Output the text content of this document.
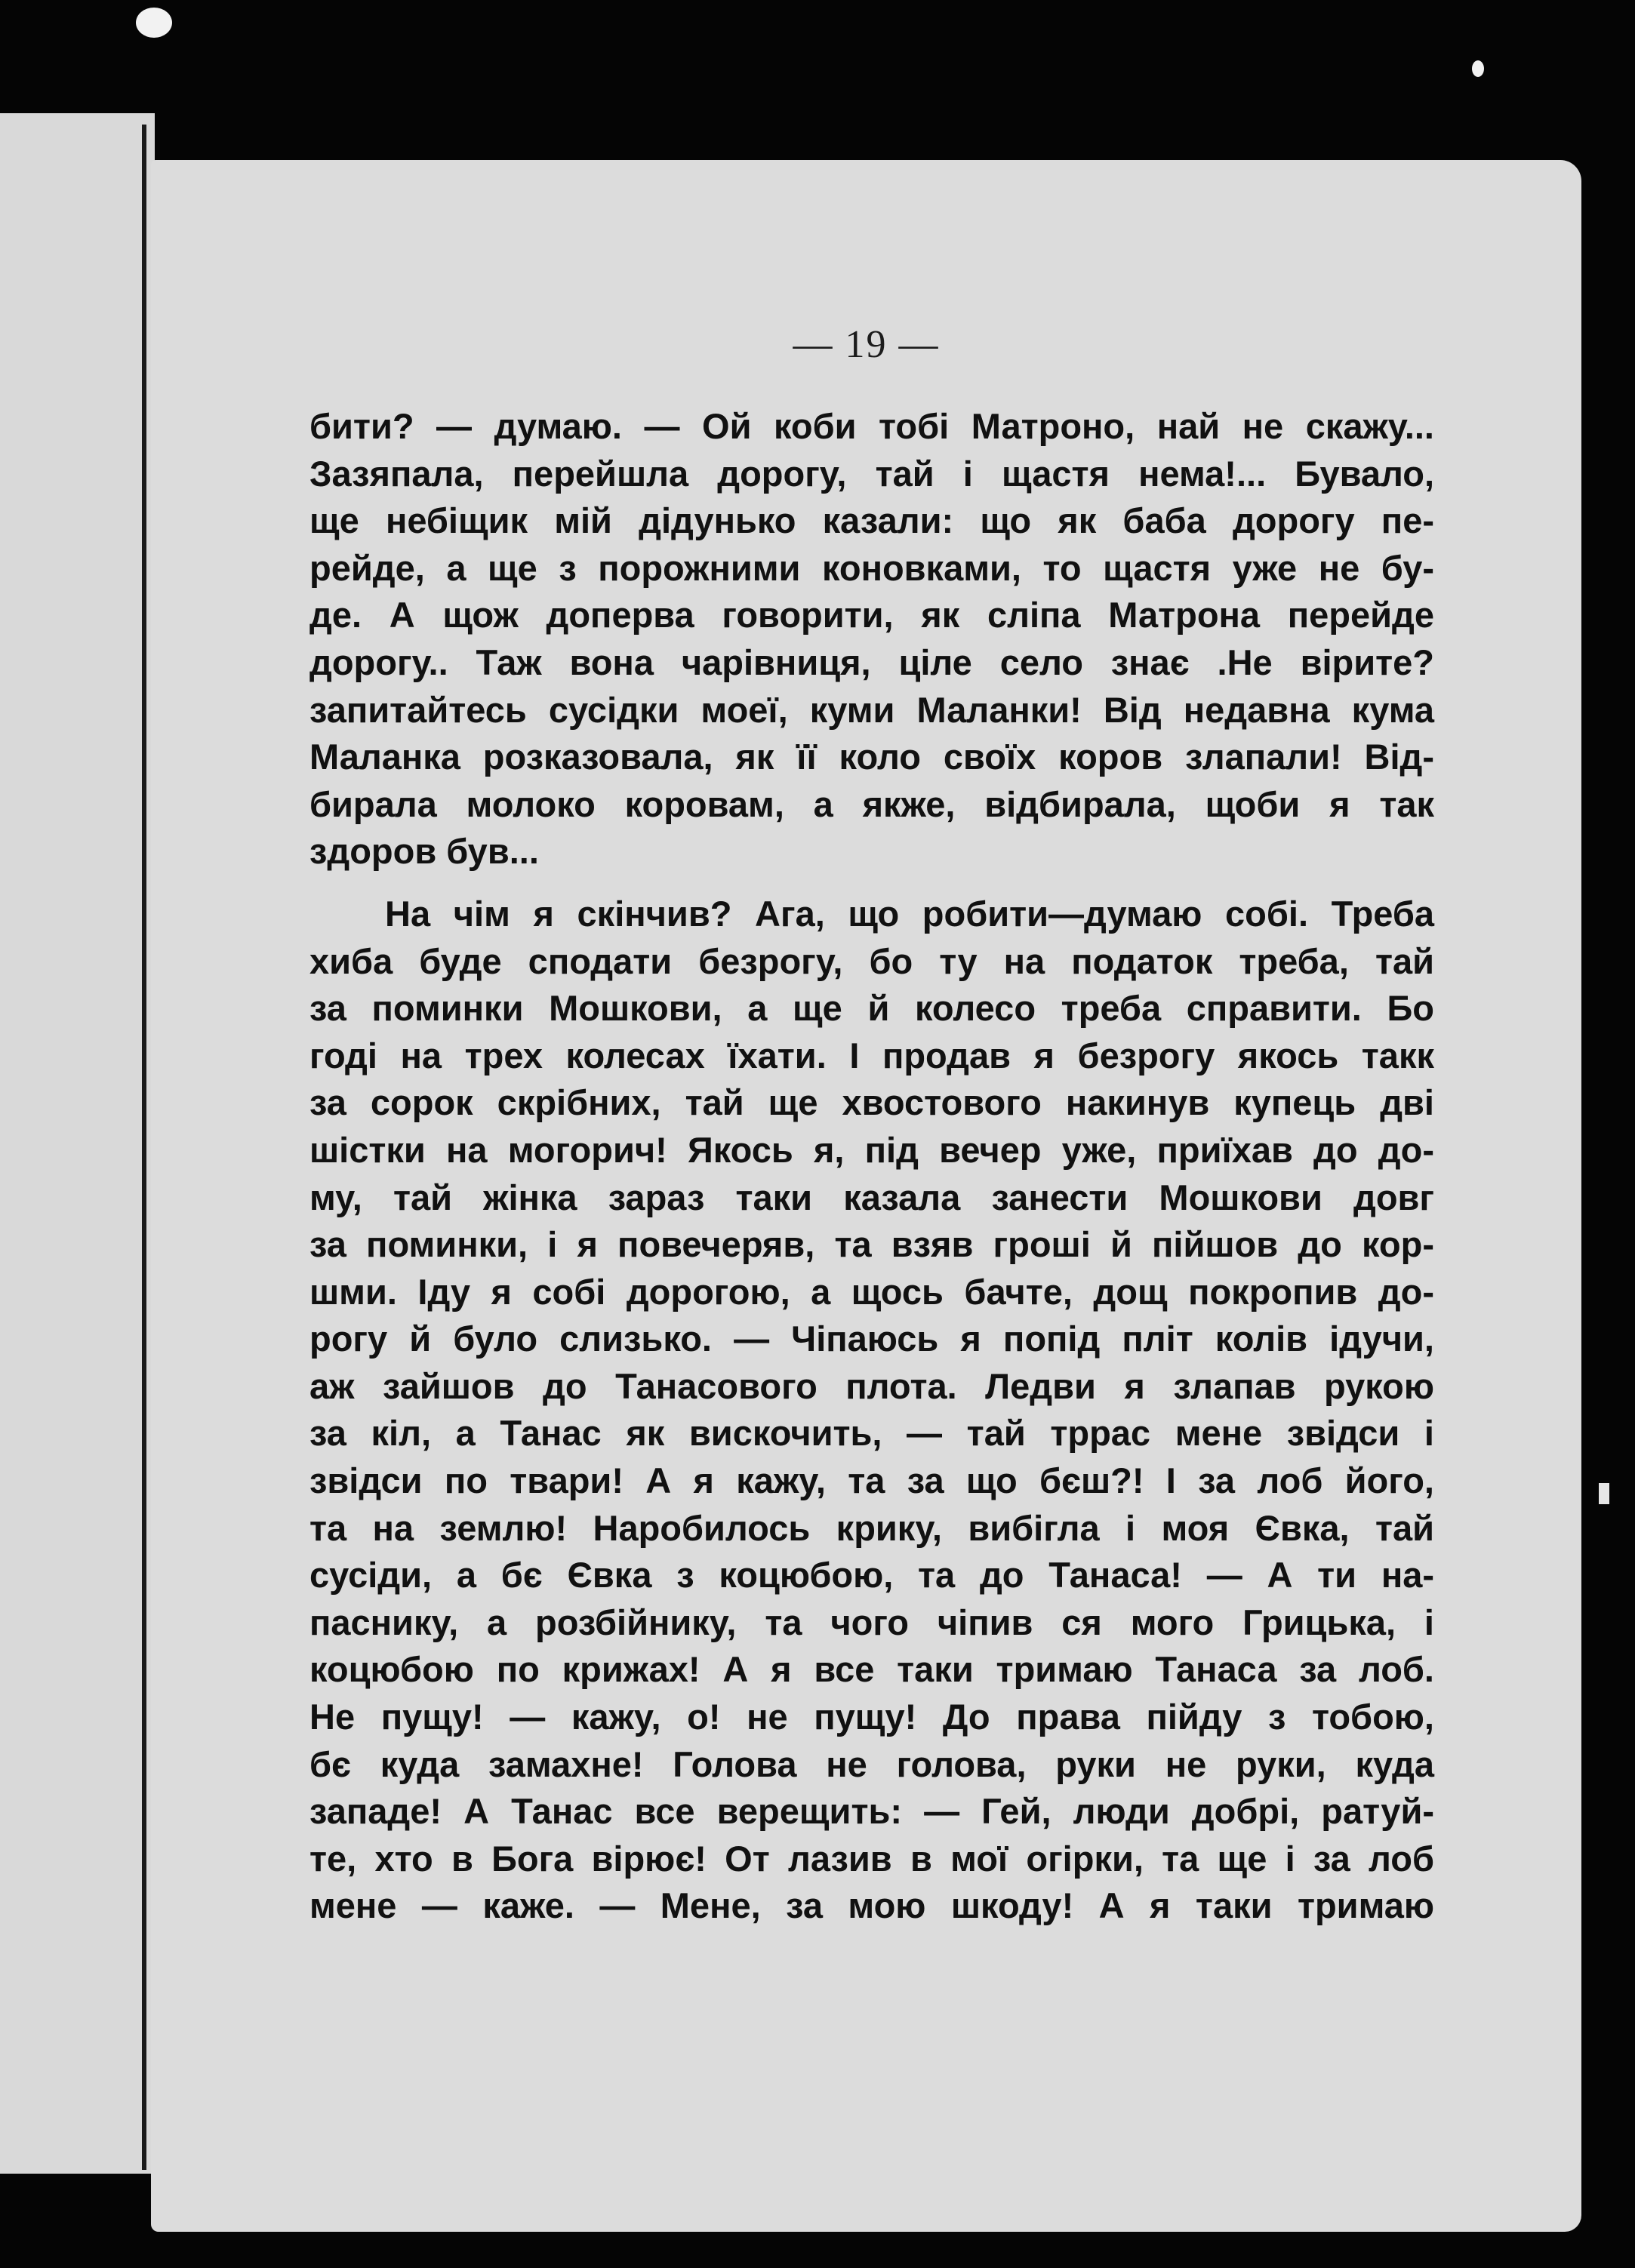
— 19 —
бити? — думаю. — Ой коби тобі Матроно, най не скажу...
Зазяпала, перейшла дорогу, тай і щастя нема!... Бувало,
ще небіщик мій дідунько казали: що як баба дорогу пе-
рейде, а ще з порожними коновками, то щастя уже не бу-
де. А щож доперва говорити, як сліпа Матрона перейде
дорогу.. Таж вона чарівниця, ціле село знає .Не вірите?
запитайтесь сусідки моеї, куми Маланки! Від недавна кума
Маланка розказовала, як її коло своїх коров злапали! Від-
бирала молоко коровам, а якже, відбирала, щоби я так
здоров був...
На чім я скінчив? Ага, що робити—думаю собі. Треба
хиба буде сподати безрогу, бо ту на податок треба, тай
за поминки Мошкови, а ще й колесо треба справити. Бо
годі на трех колесах їхати. І продав я безрогу якось такк
за сорок скрібних, тай ще хвостового накинув купець дві
шістки на могорич! Якось я, під вечер уже, приїхав до до-
му, тай жінка зараз таки казала занести Мошкови довг
за поминки, і я повечеряв, та взяв гроші й пійшов до кор-
шми. Іду я собі дорогою, а щось бачте, дощ покропив до-
рогу й було слизько. — Чіпаюсь я попід пліт колів ідучи,
аж зайшов до Танасового плота. Ледви я злапав рукою
за кіл, а Танас як вискочить, — тай тррас мене звідси і
звідси по твари! А я кажу, та за що бєш?! І за лоб його,
та на землю! Наробилось крику, вибігла і моя Євка, тай
сусіди, а бє Євка з коцюбою, та до Танаса! — А ти на-
паснику, а розбійнику, та чого чіпив ся мого Грицька, і
коцюбою по крижах! А я все таки тримаю Танаса за лоб.
Не пущу! — кажу, о! не пущу! До права пійду з тобою,
бє куда замахне! Голова не голова, руки не руки, куда
западе! А Танас все верещить: — Гей, люди добрі, ратуй-
те, хто в Бога вірює! От лазив в мої огірки, та ще і за лоб
мене — каже. — Мене, за мою шкоду! А я таки тримаю
